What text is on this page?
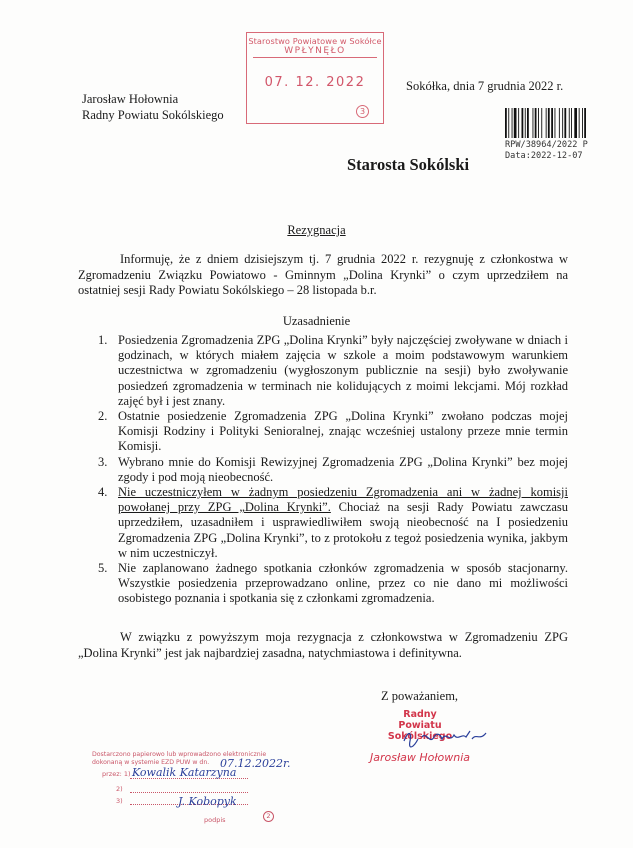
Starostwo Powiatowe w Sokółce
WPŁYNĘŁO
07. 12. 2022
3
Jarosław Hołownia
Radny Powiatu Sokólskiego
Sokółka, dnia 7 grudnia 2022 r.
RPW/38964/2022 P
Data:2022-12-07
Starosta Sokólski
Rezygnacja
Informuję, że z dniem dzisiejszym tj. 7 grudnia 2022 r. rezygnuję z członkostwa w Zgromadzeniu Związku Powiatowo - Gminnym „Dolina Krynki” o czym uprzedziłem na ostatniej sesji Rady Powiatu Sokólskiego – 28 listopada b.r.
Uzasadnienie
1. Posiedzenia Zgromadzenia ZPG „Dolina Krynki” były najczęściej zwoływane w dniach i godzinach, w których miałem zajęcia w szkole a moim podstawowym warunkiem uczestnictwa w zgromadzeniu (wygłoszonym publicznie na sesji) było zwoływanie posiedzeń zgromadzenia w terminach nie kolidujących z moimi lekcjami. Mój rozkład zajęć był i jest znany.
2. Ostatnie posiedzenie Zgromadzenia ZPG „Dolina Krynki” zwołano podczas mojej Komisji Rodziny i Polityki Senioralnej, znając wcześniej ustalony przeze mnie termin Komisji.
3. Wybrano mnie do Komisji Rewizyjnej Zgromadzenia ZPG „Dolina Krynki” bez mojej zgody i pod moją nieobecność.
4. Nie uczestniczyłem w żadnym posiedzeniu Zgromadzenia ani w żadnej komisji powołanej przy ZPG „Dolina Krynki”. Chociaż na sesji Rady Powiatu zawczasu uprzedziłem, uzasadniłem i usprawiedliwiłem swoją nieobecność na I posiedzeniu Zgromadzenia ZPG „Dolina Krynki”, to z protokołu z tegoż posiedzenia wynika, jakbym w nim uczestniczył.
5. Nie zaplanowano żadnego spotkania członków zgromadzenia w sposób stacjonarny. Wszystkie posiedzenia przeprowadzano online, przez co nie dano mi możliwości osobistego poznania i spotkania się z członkami zgromadzenia.
W związku z powyższym moja rezygnacja z członkowstwa w Zgromadzeniu ZPG „Dolina Krynki” jest jak najbardziej zasadna, natychmiastowa i definitywna.
Z poważaniem,
Radny
Powiatu Sokólskiego
Jarosław Hołownia
Dostarczono papierowo lub wprowadzono elektronicznie dokonaną w systemie EZD PUW w dn. 07.12.2022r.
przez: 1) Kowalik Katarzyna
2)
3)	J. Kobopyk
podpis	2
